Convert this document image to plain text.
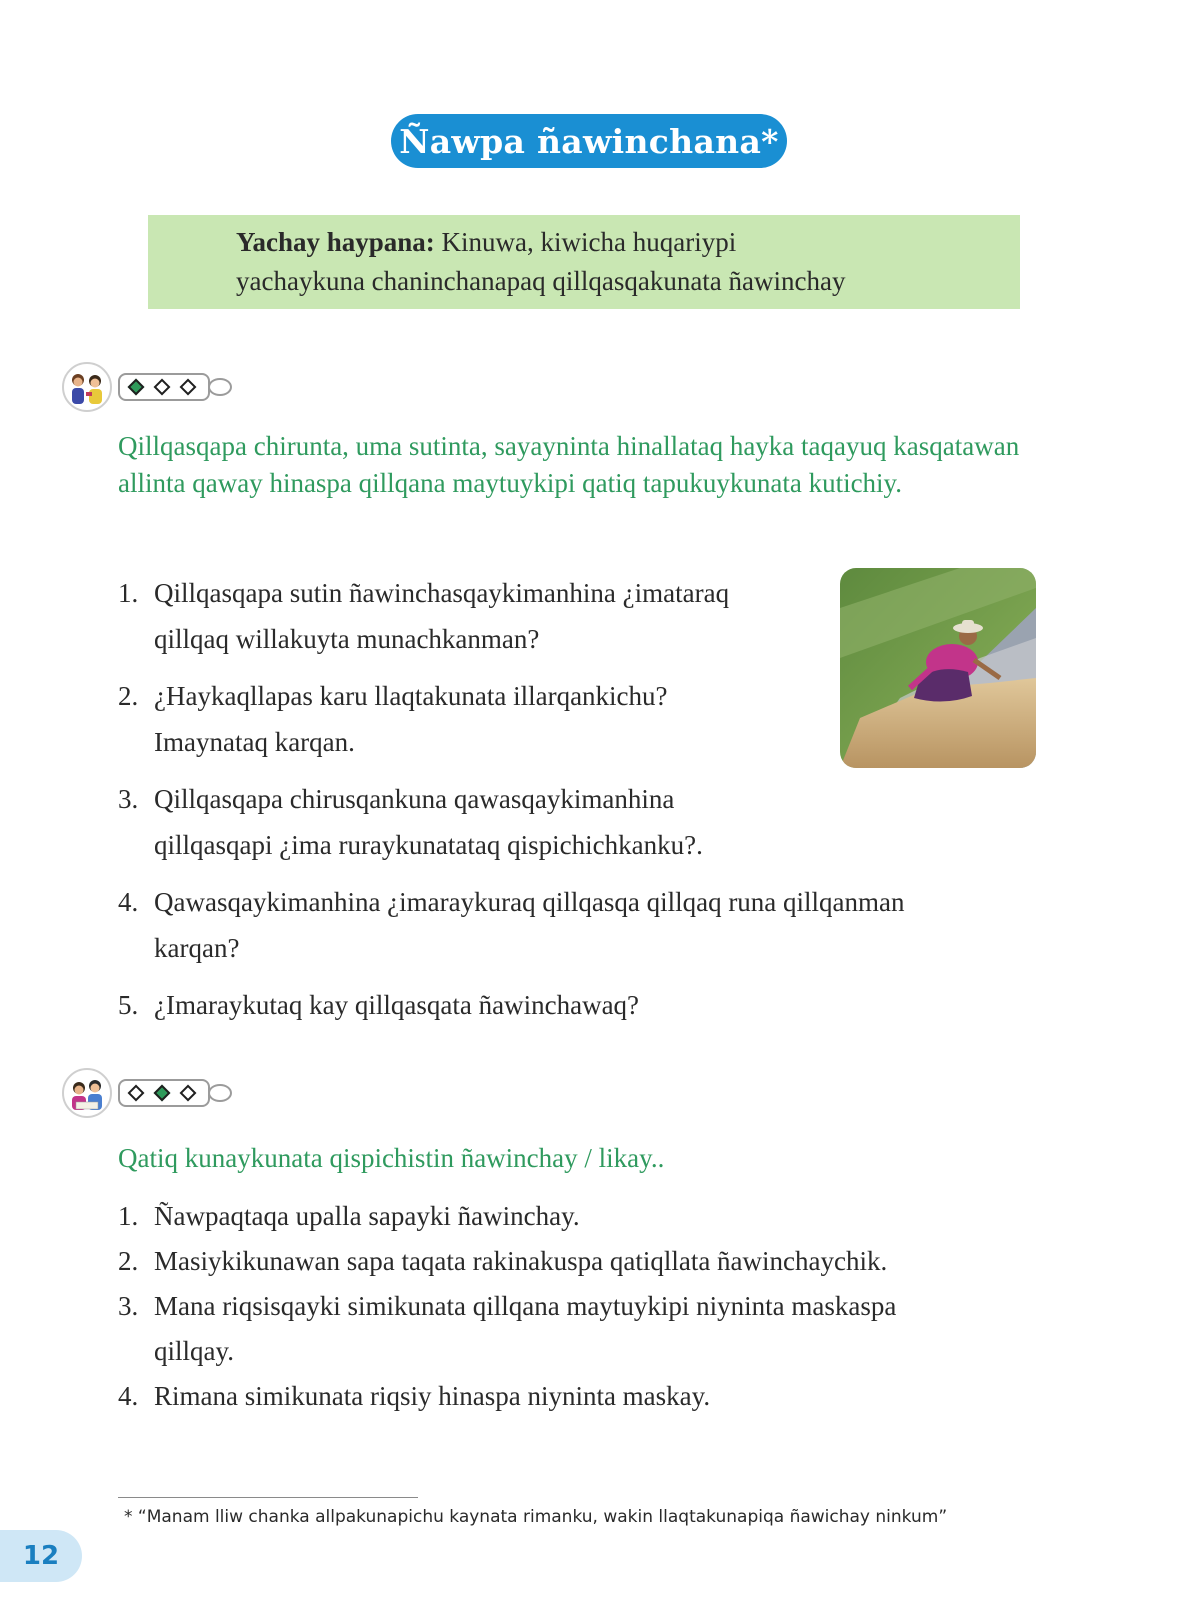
Ñawpa ñawinchana*
Yachay haypana: Kinuwa, kiwicha huqariypi
yachaykuna chaninchanapaq qillqasqakunata ñawinchay
Qillqasqapa chirunta, uma sutinta, sayayninta hinallataq hayka taqayuq kasqatawan allinta qaway hinaspa qillqana maytuykipi qatiq tapukuykunata kutichiy.
1. Qillqasqapa sutin ñawinchasqaykimanhina ¿imataraq
qillqaq willakuyta munachkanman?
2. ¿Haykaqllapas karu llaqtakunata illarqankichu?
Imaynataq karqan.
3. Qillqasqapa chirusqankuna qawasqaykimanhina
qillqasqapi ¿ima ruraykunatataq qispichichkanku?.
4. Qawasqaykimanhina ¿imaraykuraq qillqasqa qillqaq runa qillqanman
karqan?
5. ¿Imaraykutaq kay qillqasqata ñawinchawaq?
Qatiq kunaykunata qispichistin ñawinchay / likay..
1. Ñawpaqtaqa upalla sapayki ñawinchay.
2. Masiykikunawan sapa taqata rakinakuspa qatiqllata ñawinchaychik.
3. Mana riqsisqayki simikunata qillqana maytuykipi niyninta maskaspa
qillqay.
4. Rimana simikunata riqsiy hinaspa niyninta maskay.
* “Manam lliw chanka allpakunapichu kaynata rimanku, wakin llaqtakunapiqa ñawichay ninkum”
12
